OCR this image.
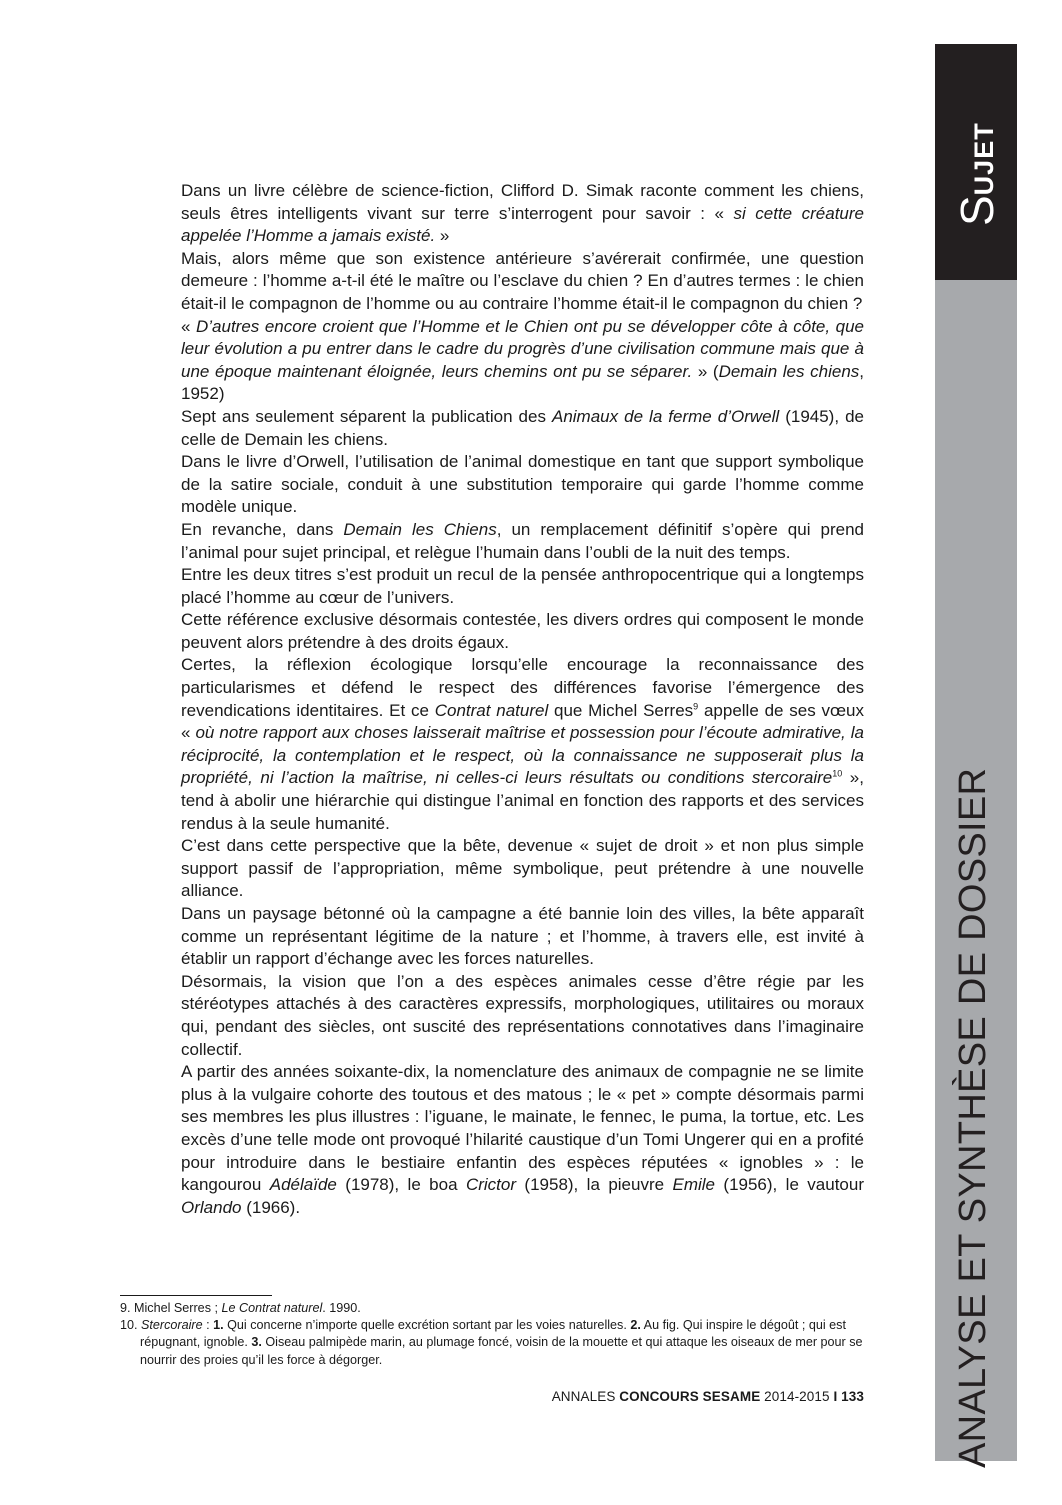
Dans un livre célèbre de science-fiction, Clifford D. Simak raconte comment les chiens, seuls êtres intelligents vivant sur terre s’interrogent pour savoir : « si cette créature appelée l’Homme a jamais existé. »

Mais, alors même que son existence antérieure s’avérerait confirmée, une question demeure : l’homme a-t-il été le maître ou l’esclave du chien ? En d’autres termes : le chien était-il le compagnon de l’homme ou au contraire l’homme était-il le compagnon du chien ?

« D’autres encore croient que l’Homme et le Chien ont pu se développer côte à côte, que leur évolution a pu entrer dans le cadre du progrès d’une civilisation commune mais que à une époque maintenant éloignée, leurs chemins ont pu se séparer. » (Demain les chiens, 1952)

Sept ans seulement séparent la publication des Animaux de la ferme d’Orwell (1945), de celle de Demain les chiens.

Dans le livre d’Orwell, l’utilisation de l’animal domestique en tant que support symbolique de la satire sociale, conduit à une substitution temporaire qui garde l’homme comme modèle unique.

En revanche, dans Demain les Chiens, un remplacement définitif s’opère qui prend l’animal pour sujet principal, et relègue l’humain dans l’oubli de la nuit des temps.

Entre les deux titres s’est produit un recul de la pensée anthropocentrique qui a longtemps placé l’homme au cœur de l’univers.

Cette référence exclusive désormais contestée, les divers ordres qui composent le monde peuvent alors prétendre à des droits égaux.

Certes, la réflexion écologique lorsqu’elle encourage la reconnaissance des particularismes et défend le respect des différences favorise l’émergence des revendications identitaires. Et ce Contrat naturel que Michel Serres$^9$ appelle de ses vœux « où notre rapport aux choses laisserait maîtrise et possession pour l’écoute admirative, la réciprocité, la contemplation et le respect, où la connaissance ne supposerait plus la propriété, ni l’action la maîtrise, ni celles-ci leurs résultats ou conditions stercoraire$^{10}$ », tend à abolir une hiérarchie qui distingue l’animal en fonction des rapports et des services rendus à la seule humanité.

C’est dans cette perspective que la bête, devenue « sujet de droit » et non plus simple support passif de l’appropriation, même symbolique, peut prétendre à une nouvelle alliance.

Dans un paysage bétonné où la campagne a été bannie loin des villes, la bête apparaît comme un représentant légitime de la nature ; et l’homme, à travers elle, est invité à établir un rapport d’échange avec les forces naturelles.

Désormais, la vision que l’on a des espèces animales cesse d’être régie par les stéréotypes attachés à des caractères expressifs, morphologiques, utilitaires ou moraux qui, pendant des siècles, ont suscité des représentations connotatives dans l’imaginaire collectif.

A partir des années soixante-dix, la nomenclature des animaux de compagnie ne se limite plus à la vulgaire cohorte des toutous et des matous ; le « pet » compte désormais parmi ses membres les plus illustres : l’iguane, le mainate, le fennec, le puma, la tortue, etc. Les excès d’une telle mode ont provoqué l’hilarité caustique d’un Tomi Ungerer qui en a profité pour introduire dans le bestiaire enfantin des espèces réputées « ignobles » : le kangourou Adélaïde (1978), le boa Crictor (1958), la pieuvre Emile (1956), le vautour Orlando (1966).

9. Michel Serres ; Le Contrat naturel. 1990.

10. Stercoraire : 1. Qui concerne n’importe quelle excrétion sortant par les voies naturelles. 2. Au fig. Qui inspire le dégoût ; qui est répugnant, ignoble. 3. Oiseau palmipède marin, au plumage foncé, voisin de la mouette et qui attaque les oiseaux de mer pour se nourrir des proies qu’il les force à dégorger.

ANNALES CONCOURS SESAME 2014-2015 I 133
SUJET
ANALYSE ET SYNTHÈSE DE DOSSIER
